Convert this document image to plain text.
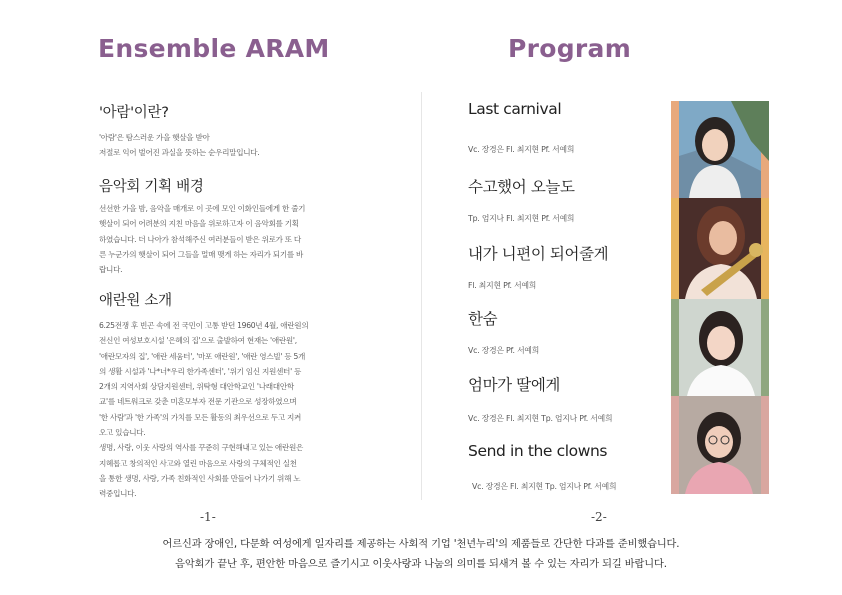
Ensemble ARAM	Program
'아람'이란?
'아람'은 탐스러운 가을 햇살을 받아
저절로 익어 벌어진 과실을 뜻하는 순우리말입니다.
음악회 기획 배경
선선한 가을 밤, 음악을 매개로 이 곳에 모인 이화인들에게 한 줄기
햇살이 되어 어려분의 지친 마음을 위로하고자 이 음악회를 기획
하였습니다. 더 나아가 참석해주신 여러분들이 받은 위로가 또 다
른 누군가의 햇살이 되어 그들을 멀매 맺게 하는 자리가 되기를 바
랍니다.
애란원 소개
6.25전쟁 후 빈곤 속에 전 국민이 고통 받던 1960년 4월, 애란원의
전신인 여성보호시설 '은혜의 집'으로 출발하여 현재는 '애란원',
'애란모자의 집', '애란 세움터', '마포 애란원', '애란 영스빌' 등 5개
의 생활 시설과 '나*너*우리 한가족센터', '위기 임신 지원센터' 등
2개의 지역사회 상담지원센터, 위탁형 대안학교인 '나래대안학
교'를 네트워크로 갖춘 미혼모부자 전문 기관으로 성장하였으며
'한 사람'과 '한 가족'의 가치를 모든 활동의 최우선으로 두고 지켜
오고 있습니다.
생명, 사랑, 이웃 사랑의 역사를 꾸준히 구현해내고 있는 애란원은
지혜롭고 창의적인 사고와 열린 마음으로 사랑의 구체적인 실천
을 통한 생명, 사랑, 가족 친화적인 사회를 만들어 나가기 위해 노
력중입니다.
-1-
Last carnival
Vc. 장경은 Fl. 최지현 Pf. 서예희
수고했어 오늘도
Tp. 엄지나 Fl. 최지현 Pf. 서예희
내가 니편이 되어줄게
Fl. 최지현 Pf. 서예희
한숨
Vc. 장경은 Pf. 서예희
엄마가 딸에게
Vc. 장경은 Fl. 최지현 Tp. 엄지나 Pf. 서예희
Send in the clowns
Vc. 장경은 Fl. 최지현 Tp. 엄지나 Pf. 서예희
-2-
어르신과 장애인, 다문화 여성에게 일자리를 제공하는 사회적 기업 '천년누리'의 제품들로 간단한 다과를 준비했습니다.
음악회가 끝난 후, 편안한 마음으로 즐기시고 이웃사랑과 나눔의 의미를 되새겨 볼 수 있는 자리가 되길 바랍니다.
